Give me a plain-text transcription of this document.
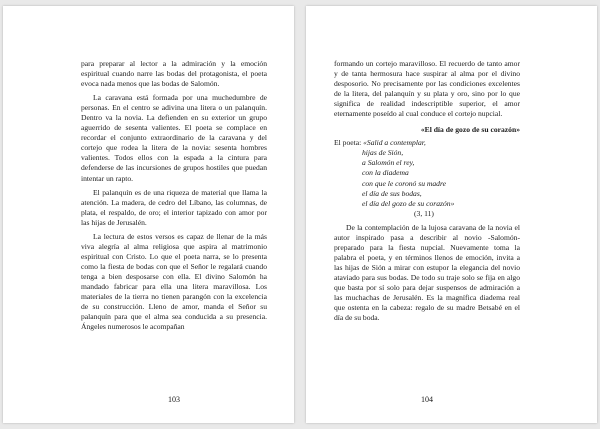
para preparar al lector a la admiración y la emoción espiritual cuando narre las bodas del protagonista, el poeta evoca nada menos que las bodas de Salomón.

La caravana está formada por una muchedumbre de personas. En el centro se adivina una litera o un palanquín. Dentro va la novia. La defienden en su exterior un grupo aguerrido de sesenta valientes. El poeta se complace en recordar el conjunto extraordinario de la caravana y del cortejo que rodea la litera de la novia: sesenta hombres valientes. Todos ellos con la espada a la cintura para defenderse de las incursiones de grupos hostiles que puedan intentar un rapto.

El palanquín es de una riqueza de material que llama la atención. La madera, de cedro del Líbano, las columnas, de plata, el respaldo, de oro; el interior tapizado con amor por las hijas de Jerusalén.

La lectura de estos versos es capaz de llenar de la más viva alegría al alma religiosa que aspira al matrimonio espiritual con Cristo. Lo que el poeta narra, se lo presenta como la fiesta de bodas con que el Señor le regalará cuando tenga a bien desposarse con ella. El divino Salomón ha mandado fabricar para ella una litera maravillosa. Los materiales de la tierra no tienen parangón con la excelencia de su construcción. Lleno de amor, manda el Señor su palanquín para que el alma sea conducida a su presencia. Ángeles numerosos le acompañan

103

formando un cortejo maravilloso. El recuerdo de tanto amor y de tanta hermosura hace suspirar al alma por el divino desposorio. No precisamente por las condiciones excelentes de la litera, del palanquín y su plata y oro, sino por lo que significa de realidad indescriptible superior, el amor eternamente poseído al cual conduce el cortejo nupcial.

«El día de gozo de su corazón»
El poeta: «Salid a contemplar,
hijas de Sión,
a Salomón el rey,
con la diadema
con que le coronó su madre
el día de sus bodas,
el día del gozo de su corazón»
(3, 11)

De la contemplación de la lujosa caravana de la novia el autor inspirado pasa a describir al novio -Salomón- preparado para la fiesta nupcial. Nuevamente toma la palabra el poeta, y en términos llenos de emoción, invita a las hijas de Sión a mirar con estupor la elegancia del novio ataviado para sus bodas. De todo su traje solo se fija en algo que basta por sí solo para dejar suspensos de admiración a las muchachas de Jerusalén. Es la magnífica diadema real que ostenta en la cabeza: regalo de su madre Betsabé en el día de su boda.

104
